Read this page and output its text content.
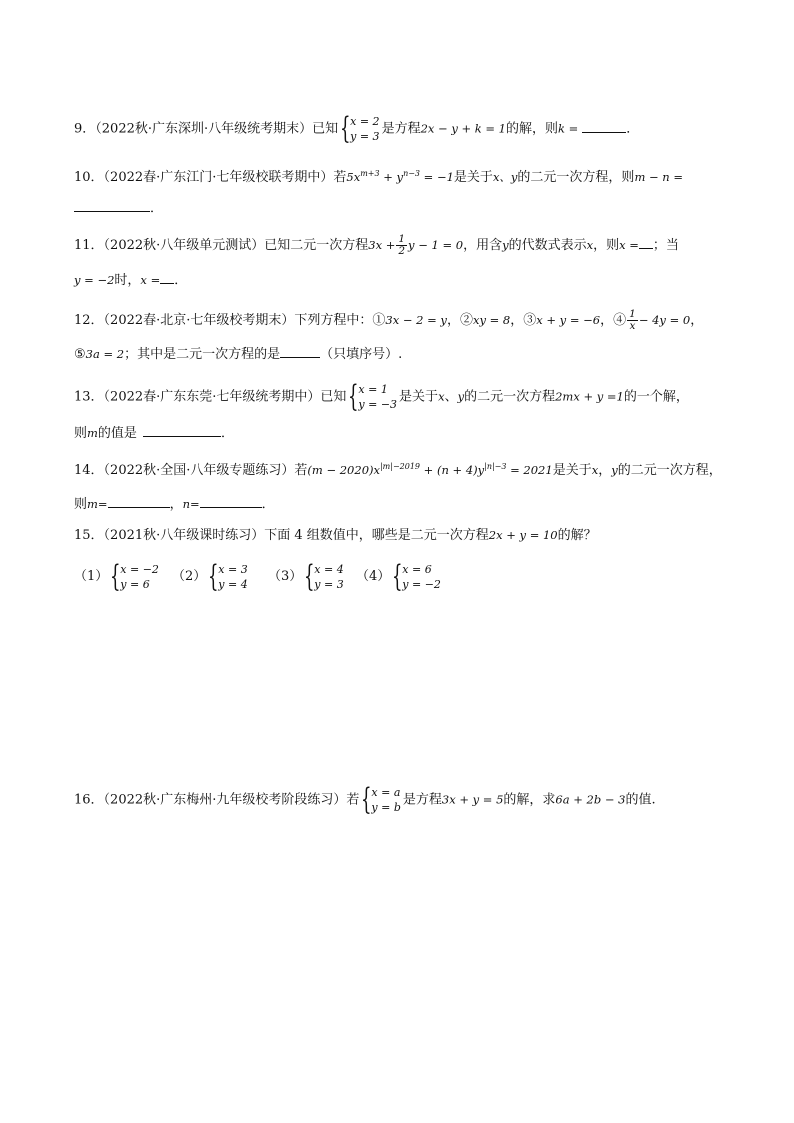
9．（2022秋·广东深圳·八年级统考期末）已知 { x = 2
y = 3 是方程2x − y + k = 1的解，则k =	．
10．（2022春·广东江门·七年级校联考期中）若$5x^{m+3} + y^{n-3} = -1$是关于x、y的二元一次方程，则m − n =
．
11．（2022秋·八年级单元测试）已知二元一次方程$3x + \frac{1}{2}$ y − 1 = 0，用含y的代数式表示x，则x = ；当
y = −2时，x = ．
12．（2022春·北京·七年级校考期末）下列方程中：①3x − 2 = y，②xy = 8，③x + y = −6，④ $\frac{1}{x} - 4y = 0$，
⑤3a = 2；其中是二元一次方程的是	（只填序号）.
13．（2022春·广东东莞·七年级统考期中）已知 { x = 1
y = −3 是关于x、y的二元一次方程2mx + y =1的一个解，
则m的值是	．
14．（2022秋·全国·八年级专题练习）若$(m - 2020)x^{|m|-2019} + (n + 4)y^{|n|-3} = 2021$是关于x，y的二元一次方程，
则m=	，n=	．
15．（2021秋·八年级课时练习）下面 4 组数值中，哪些是二元一次方程2x + y = 10的解？
（1） { x = −2
y = 6
（2） { x = 3
y = 4
（3） { x = 4
y = 3
（4） { x = 6
y = −2
16．（2022秋·广东梅州·九年级校考阶段练习）若 { x = a
y = b 是方程3x + y = 5的解，求6a + 2b − 3的值.
